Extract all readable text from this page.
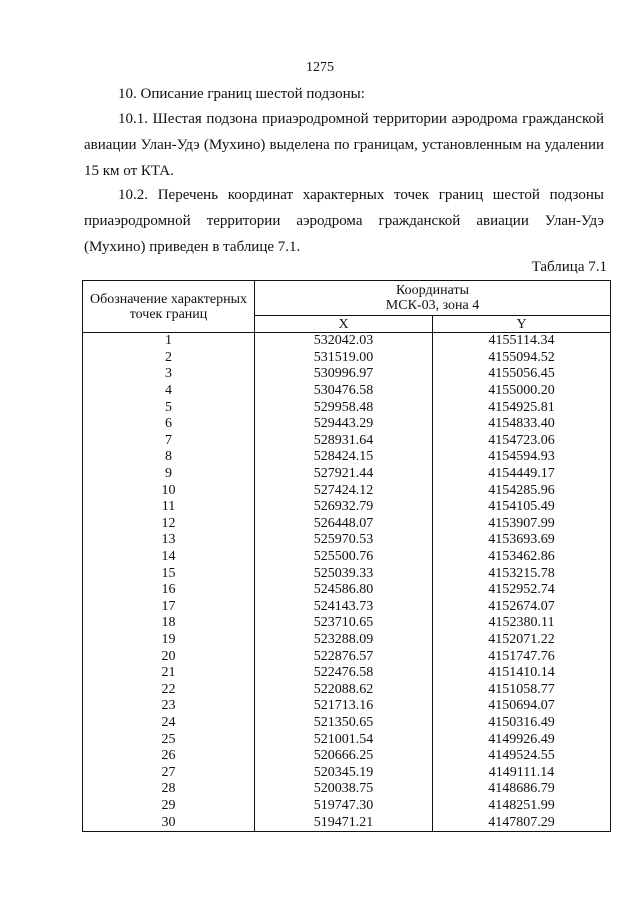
1275
10. Описание границ шестой подзоны:

10.1. Шестая подзона приаэродромной территории аэродрома гражданской авиации Улан-Удэ (Мухино) выделена по границам, установленным на удалении 15 км от КТА.

10.2. Перечень координат характерных точек границ шестой подзоны приаэродромной территории аэродрома гражданской авиации Улан-Удэ (Мухино) приведен в таблице 7.1.

Таблица 7.1
Обозначение характерных точек границ	Координаты
МСК-03, зона 4	

	X	Y
1	532042.03	4155114.34
2	531519.00	4155094.52
3	530996.97	4155056.45
4	530476.58	4155000.20
5	529958.48	4154925.81
6	529443.29	4154833.40
7	528931.64	4154723.06
8	528424.15	4154594.93
9	527921.44	4154449.17
10	527424.12	4154285.96
11	526932.79	4154105.49
12	526448.07	4153907.99
13	525970.53	4153693.69
14	525500.76	4153462.86
15	525039.33	4153215.78
16	524586.80	4152952.74
17	524143.73	4152674.07
18	523710.65	4152380.11
19	523288.09	4152071.22
20	522876.57	4151747.76
21	522476.58	4151410.14
22	522088.62	4151058.77
23	521713.16	4150694.07
24	521350.65	4150316.49
25	521001.54	4149926.49
26	520666.25	4149524.55
27	520345.19	4149111.14
28	520038.75	4148686.79
29	519747.30	4148251.99
30	519471.21	4147807.29
